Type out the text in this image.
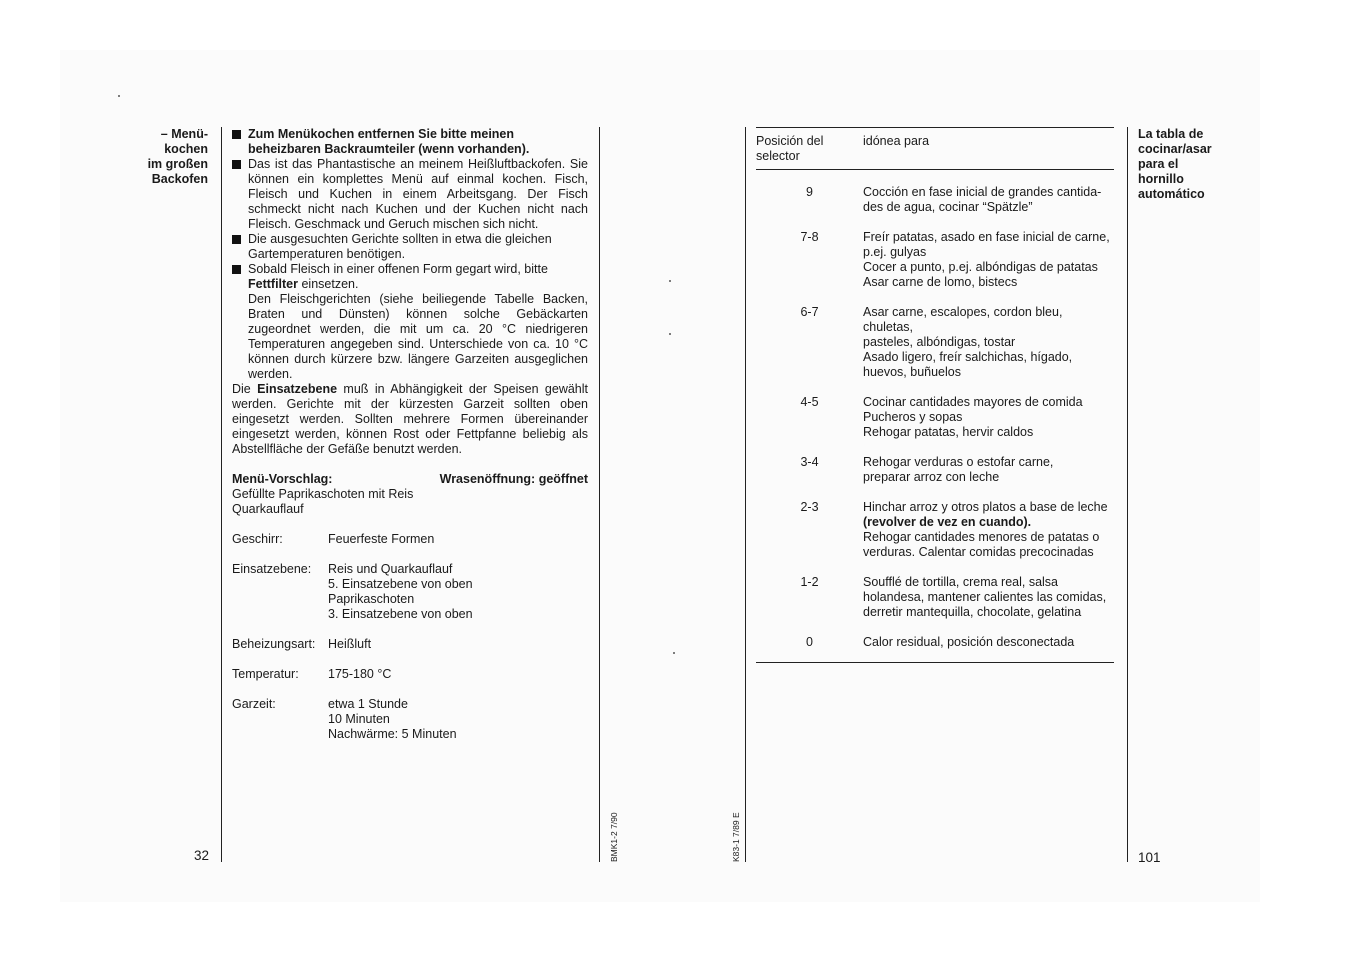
– Menü-
kochen
im großen
Backofen
Zum Menükochen entfernen Sie bitte meinen beheizbaren Backraumteiler (wenn vorhanden).
Das ist das Phantastische an meinem Heißluftbackofen. Sie können ein komplettes Menü auf einmal kochen. Fisch, Fleisch und Kuchen in einem Arbeitsgang. Der Fisch schmeckt nicht nach Kuchen und der Kuchen nicht nach Fleisch. Geschmack und Geruch mischen sich nicht.
Die ausgesuchten Gerichte sollten in etwa die gleichen Gartemperaturen benötigen.
Sobald Fleisch in einer offenen Form gegart wird, bitte Fettfilter einsetzen.

Den Fleischgerichten (siehe beiliegende Tabelle Backen, Braten und Dünsten) können solche Gebäckarten zugeordnet werden, die mit um ca. 20 °C niedrigeren Temperaturen angegeben sind. Unterschiede von ca. 10 °C können durch kürzere bzw. längere Garzeiten ausgeglichen werden.

Die Einsatzebene muß in Abhängigkeit der Speisen gewählt werden. Gerichte mit der kürzesten Garzeit sollten oben eingesetzt werden. Sollten mehrere Formen übereinander eingesetzt werden, können Rost oder Fettpfanne beliebig als Abstellfläche der Gefäße benutzt werden.

Menü-Vorschlag:	Wrasenöffnung: geöffnet

Gefüllte Paprikaschoten mit Reis

Quarkauflauf

Geschirr:	Feuerfeste Formen
Einsatzebene:	Reis und Quarkauflauf
5. Einsatzebene von oben
Paprikaschoten
3. Einsatzebene von oben
Beheizungsart:	Heißluft
Temperatur:	175-180 °C
Garzeit:	etwa 1 Stunde
10 Minuten
Nachwärme: 5 Minuten
32	BMK1-2 7/90	K83-1 7/89 E
Posición del
selector
idónea para
9	Cocción en fase inicial de grandes cantida-
des de agua, cocinar “Spätzle”
7-8	Freír patatas, asado en fase inicial de carne,
p.ej. gulyas
Cocer a punto, p.ej. albóndigas de patatas
Asar carne de lomo, bistecs
6-7	Asar carne, escalopes, cordon bleu, chuletas,
pasteles, albóndigas, tostar
Asado ligero, freír salchichas, hígado,
huevos, buñuelos
4-5	Cocinar cantidades mayores de comida
Pucheros y sopas
Rehogar patatas, hervir caldos
3-4	Rehogar verduras o estofar carne,
preparar arroz con leche
2-3	Hinchar arroz y otros platos a base de leche
(revolver de vez en cuando).
Rehogar cantidades menores de patatas o
verduras. Calentar comidas precocinadas
1-2	Soufflé de tortilla, crema real, salsa
holandesa, mantener calientes las comidas,
derretir mantequilla, chocolate, gelatina
0	Calor residual, posición desconectada
La tabla de
cocinar/asar
para el
hornillo
automático
101
